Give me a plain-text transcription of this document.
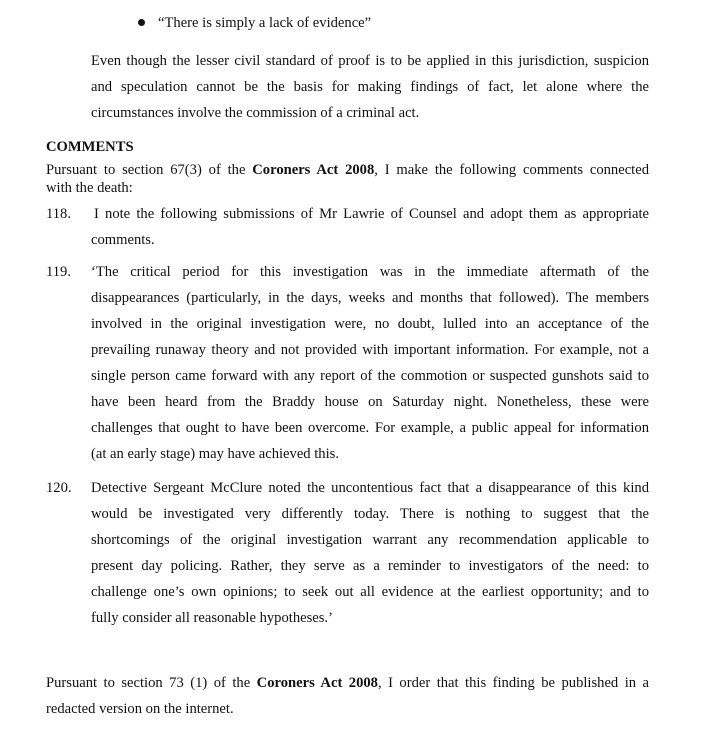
“There is simply a lack of evidence”
Even though the lesser civil standard of proof is to be applied in this jurisdiction, suspicion
and speculation cannot be the basis for making findings of fact, let alone where the
circumstances involve the commission of a criminal act.
COMMENTS
Pursuant to section 67(3) of the Coroners Act 2008, I make the following comments connected
with the death:
118. I note the following submissions of Mr Lawrie of Counsel and adopt them as appropriate
comments.
119. ‘The critical period for this investigation was in the immediate aftermath of the
disappearances (particularly, in the days, weeks and months that followed). The members
involved in the original investigation were, no doubt, lulled into an acceptance of the
prevailing runaway theory and not provided with important information. For example, not a
single person came forward with any report of the commotion or suspected gunshots said to
have been heard from the Braddy house on Saturday night. Nonetheless, these were
challenges that ought to have been overcome. For example, a public appeal for information
(at an early stage) may have achieved this.
120. Detective Sergeant McClure noted the uncontentious fact that a disappearance of this kind
would be investigated very differently today. There is nothing to suggest that the
shortcomings of the original investigation warrant any recommendation applicable to
present day policing. Rather, they serve as a reminder to investigators of the need: to
challenge one’s own opinions; to seek out all evidence at the earliest opportunity; and to
fully consider all reasonable hypotheses.’
Pursuant to section 73 (1) of the Coroners Act 2008, I order that this finding be published in a
redacted version on the internet.
